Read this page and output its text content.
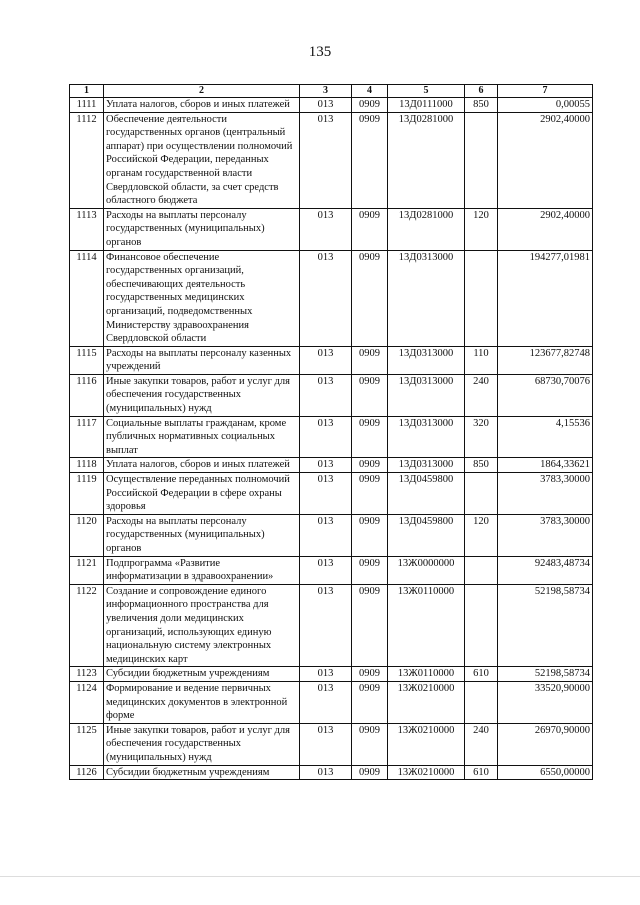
135
1	2	3	4	5	6	7
1111	Уплата налогов, сборов и иных платежей	013	0909	13Д0111000	850	0,00055
1112	Обеспечение деятельности государственных органов (центральный аппарат) при осуществлении полномочий Российской Федерации, переданных органам государственной власти Свердловской области, за счет средств областного бюджета	013	0909	13Д0281000		2902,40000
1113	Расходы на выплаты персоналу государственных (муниципальных) органов	013	0909	13Д0281000	120	2902,40000
1114	Финансовое обеспечение государственных организаций, обеспечивающих деятельность государственных медицинских организаций, подведомственных Министерству здравоохранения Свердловской области	013	0909	13Д0313000		194277,01981
1115	Расходы на выплаты персоналу казенных учреждений	013	0909	13Д0313000	110	123677,82748
1116	Иные закупки товаров, работ и услуг для обеспечения государственных (муниципальных) нужд	013	0909	13Д0313000	240	68730,70076
1117	Социальные выплаты гражданам, кроме публичных нормативных социальных выплат	013	0909	13Д0313000	320	4,15536
1118	Уплата налогов, сборов и иных платежей	013	0909	13Д0313000	850	1864,33621
1119	Осуществление переданных полномочий Российской Федерации в сфере охраны здоровья	013	0909	13Д0459800		3783,30000
1120	Расходы на выплаты персоналу государственных (муниципальных) органов	013	0909	13Д0459800	120	3783,30000
1121	Подпрограмма «Развитие информатизации в здравоохранении»	013	0909	13Ж0000000		92483,48734
1122	Создание и сопровождение единого информационного пространства для увеличения доли медицинских организаций, использующих единую национальную систему электронных медицинских карт	013	0909	13Ж0110000		52198,58734
1123	Субсидии бюджетным учреждениям	013	0909	13Ж0110000	610	52198,58734
1124	Формирование и ведение первичных медицинских документов в электронной форме	013	0909	13Ж0210000		33520,90000
1125	Иные закупки товаров, работ и услуг для обеспечения государственных (муниципальных) нужд	013	0909	13Ж0210000	240	26970,90000
1126	Субсидии бюджетным учреждениям	013	0909	13Ж0210000	610	6550,00000
